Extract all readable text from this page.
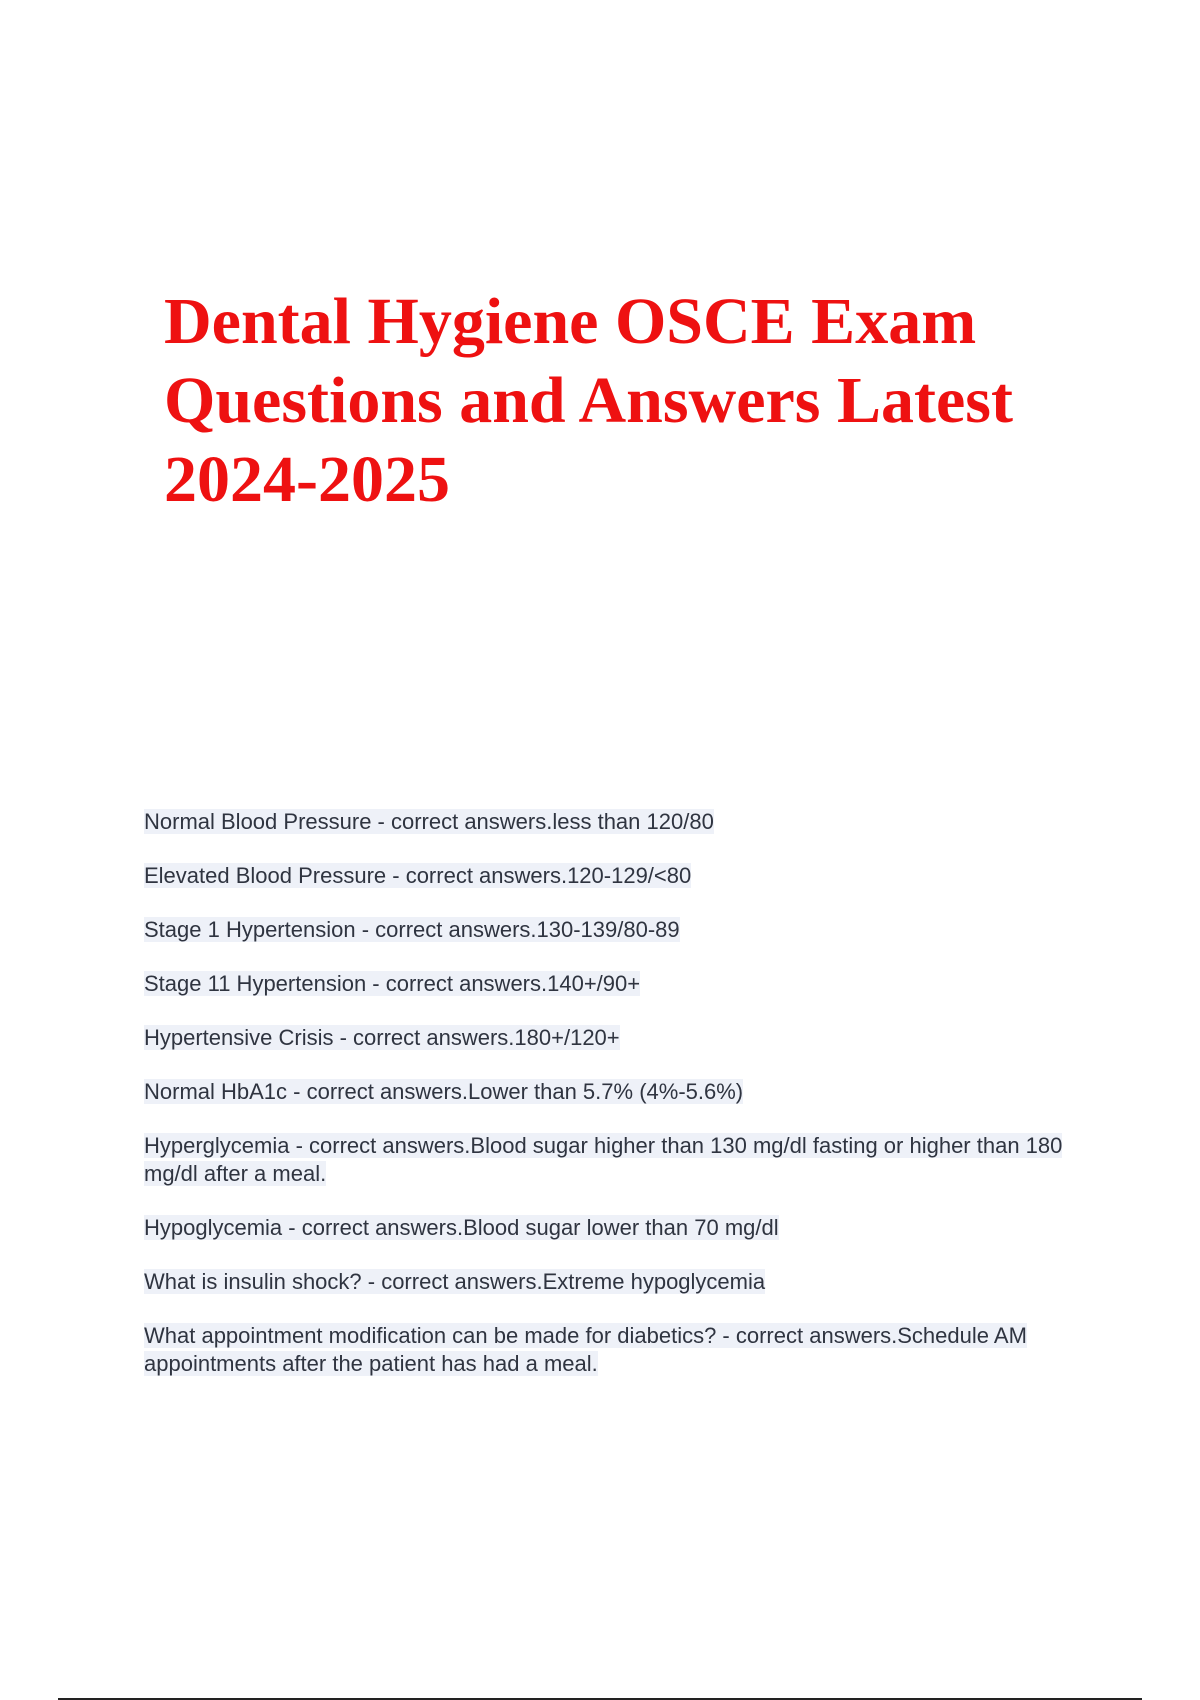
Dental Hygiene OSCE Exam Questions and Answers Latest 2024-2025
Normal Blood Pressure - correct answers.less than 120/80
Elevated Blood Pressure - correct answers.120-129/<80
Stage 1 Hypertension - correct answers.130-139/80-89
Stage 11 Hypertension - correct answers.140+/90+
Hypertensive Crisis - correct answers.180+/120+
Normal HbA1c - correct answers.Lower than 5.7% (4%-5.6%)
Hyperglycemia - correct answers.Blood sugar higher than 130 mg/dl fasting or higher than 180 mg/dl after a meal.
Hypoglycemia - correct answers.Blood sugar lower than 70 mg/dl
What is insulin shock? - correct answers.Extreme hypoglycemia
What appointment modification can be made for diabetics? - correct answers.Schedule AM appointments after the patient has had a meal.
